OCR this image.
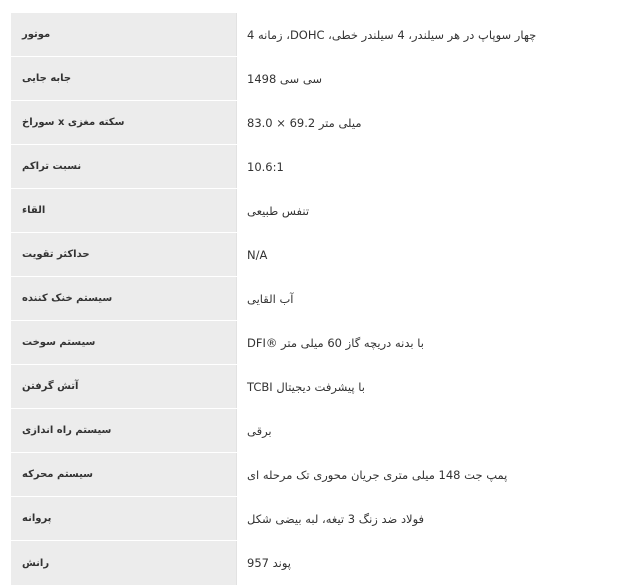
موتور	چهار سوپاپ در هر سیلندر، 4 سیلندر خطی، DOHC، زمانه 4
جابه جایی	سی سی 1498
سکته مغزی x سوراخ	میلی متر 69.2 × 83.0
نسبت تراکم	10.6:1
القاء	تنفس طبیعی
حداکثر تقویت	N/A
سیستم خنک کننده	آب القایی
سیستم سوخت	DFI® با بدنه دریچه گاز 60 میلی متر
آتش گرفتن	TCBI با پیشرفت دیجیتال
سیستم راه اندازی	برقی
سیستم محرکه	پمپ جت 148 میلی متری جریان محوری تک مرحله ای
پروانه	فولاد ضد زنگ 3 تیغه، لبه بیضی شکل
رانش	پوند 957
